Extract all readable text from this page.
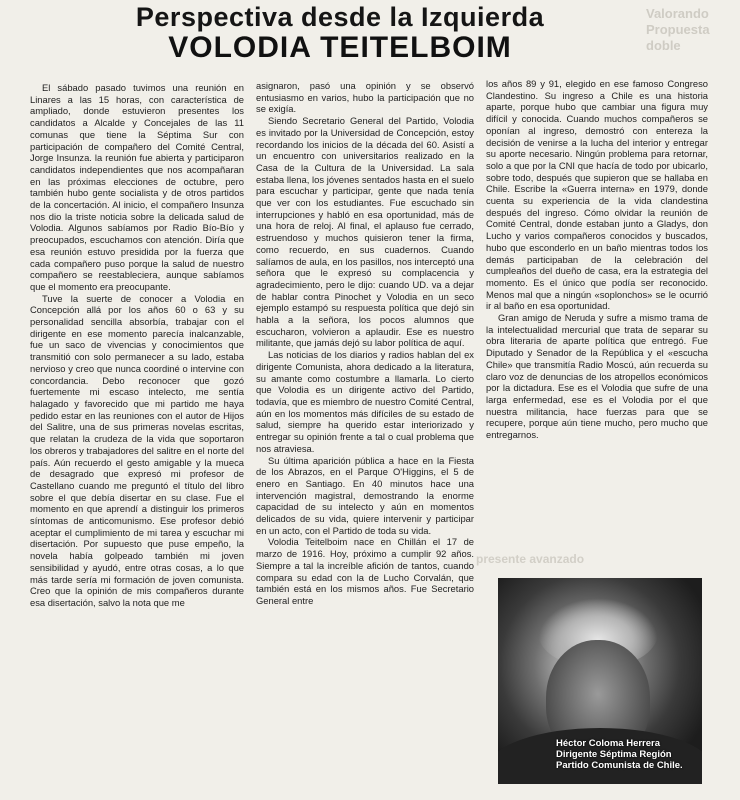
Valorando Propuesta doble
presente avanzado
Perspectiva desde la Izquierda
VOLODIA TEITELBOIM

El sábado pasado tuvimos una reunión en Linares a las 15 horas, con característica de ampliado, donde estuvieron presentes los candidatos a Alcalde y Concejales de las 11 comunas que tiene la Séptima Sur con participación de compañero del Comité Central, Jorge Insunza. la reunión fue abierta y participaron candidatos independientes que nos acompañaran en las próximas elecciones de octubre, pero también hubo gente socialista y de otros partidos de la concertación. Al inicio, el compañero Insunza nos dio la triste noticia sobre la delicada salud de Volodia. Algunos sabíamos por Radio Bío-Bío y preocupados, escuchamos con atención. Diría que esa reunión estuvo presidida por la fuerza que cada compañero puso porque la salud de nuestro compañero se reestableciera, aunque sabíamos que el momento era preocupante.

Tuve la suerte de conocer a Volodia en Concepción allá por los años 60 o 63 y su personalidad sencilla absorbía, trabajar con el dirigente en ese momento parecía inalcanzable, fue un saco de vivencias y conocimientos que transmitió con solo permanecer a su lado, estaba nervioso y creo que nunca coordiné o intervine con concordancia. Debo reconocer que gozó fuertemente mi escaso intelecto, me sentía halagado y favorecido que mi partido me haya pedido estar en las reuniones con el autor de Hijos del Salitre, una de sus primeras novelas escritas, que relatan la crudeza de la vida que soportaron los obreros y trabajadores del salitre en el norte del país. Aún recuerdo el gesto amigable y la mueca de desagrado que expresó mi profesor de Castellano cuando me preguntó el título del libro sobre el que debía disertar en su clase. Fue el momento en que aprendí a distinguir los primeros síntomas de anticomunismo. Ese profesor debió aceptar el cumplimiento de mi tarea y escuchar mi disertación. Por supuesto que puse empeño, la novela había golpeado también mi joven sensibilidad y ayudó, entre otras cosas, a lo que más tarde sería mi formación de joven comunista. Creo que la opinión de mis compañeros durante esa disertación, salvo la nota que me

asignaron, pasó una opinión y se observó entusiasmo en varios, hubo la participación que no se exigía.

Siendo Secretario General del Partido, Volodia es invitado por la Universidad de Concepción, estoy recordando los inicios de la década del 60. Asistí a un encuentro con universitarios realizado en la Casa de la Cultura de la Universidad. La sala estaba llena, los jóvenes sentados hasta en el suelo para escuchar y participar, gente que nada tenía que ver con los estudiantes. Fue escuchado sin interrupciones y habló en esa oportunidad, más de una hora de reloj. Al final, el aplauso fue cerrado, estruendoso y muchos quisieron tener la firma, como recuerdo, en sus cuadernos. Cuando salíamos de aula, en los pasillos, nos interceptó una señora que le expresó su complacencia y agradecimiento, pero le dijo: cuando UD. va a dejar de hablar contra Pinochet y Volodia en un seco ejemplo estampó su respuesta política que dejó sin habla a la señora, los pocos alumnos que escucharon, volvieron a aplaudir. Ese es nuestro militante, que jamás dejó su labor política de aquí.

Las noticias de los diarios y radios hablan del ex dirigente Comunista, ahora dedicado a la literatura, su amante como costumbre a llamarla. Lo cierto que Volodia es un dirigente activo del Partido, todavía, que es miembro de nuestro Comité Central, aún en los momentos más difíciles de su estado de salud, siempre ha querido estar interiorizado y entregar su opinión frente a tal o cual problema que nos atraviesa.

Su última aparición pública a hace en la Fiesta de los Abrazos, en el Parque O'Higgins, el 5 de enero en Santiago. En 40 minutos hace una intervención magistral, demostrando la enorme capacidad de su intelecto y aún en momentos delicados de su vida, quiere intervenir y participar en un acto, con el Partido de toda su vida.

Volodia Teitelboim nace en Chillán el 17 de marzo de 1916. Hoy, próximo a cumplir 92 años. Siempre a tal la increíble afición de tantos, cuando compara su edad con la de Lucho Corvalán, que también está en los mismos años. Fue Secretario General entre

los años 89 y 91, elegido en ese famoso Congreso Clandestino. Su ingreso a Chile es una historia aparte, porque hubo que cambiar una figura muy difícil y conocida. Cuando muchos compañeros se oponían al ingreso, demostró con entereza la decisión de venirse a la lucha del interior y entregar su aporte necesario. Ningún problema para retornar, solo a que por la CNI que hacía de todo por ubicarlo, sobre todo, después que supieron que se hallaba en Chile. Escribe la «Guerra interna» en 1979, donde cuenta su experiencia de la vida clandestina después del ingreso. Cómo olvidar la reunión de Comité Central, donde estaban junto a Gladys, don Lucho y varios compañeros conocidos y buscados, hubo que esconderlo en un baño mientras todos los demás participaban de la celebración del cumpleaños del dueño de casa, era la estrategia del momento. Es el único que podía ser reconocido. Menos mal que a ningún «soplonchos» se le ocurrió ir al baño en esa oportunidad.

Gran amigo de Neruda y sufre a mismo trama de la intelectualidad mercurial que trata de separar su obra literaria de aparte política que entregó. Fue Diputado y Senador de la República y el «escucha Chile» que transmitía Radio Moscú, aún recuerda su claro voz de denuncias de los atropellos económicos por la dictadura. Ese es el Volodia que sufre de una larga enfermedad, ese es el Volodia por el que nuestra militancia, hace fuerzas para que se recupere, porque aún tiene mucho, pero mucho que entregarnos.

Héctor Coloma Herrera
Dirigente Séptima Región
Partido Comunista de Chile.
